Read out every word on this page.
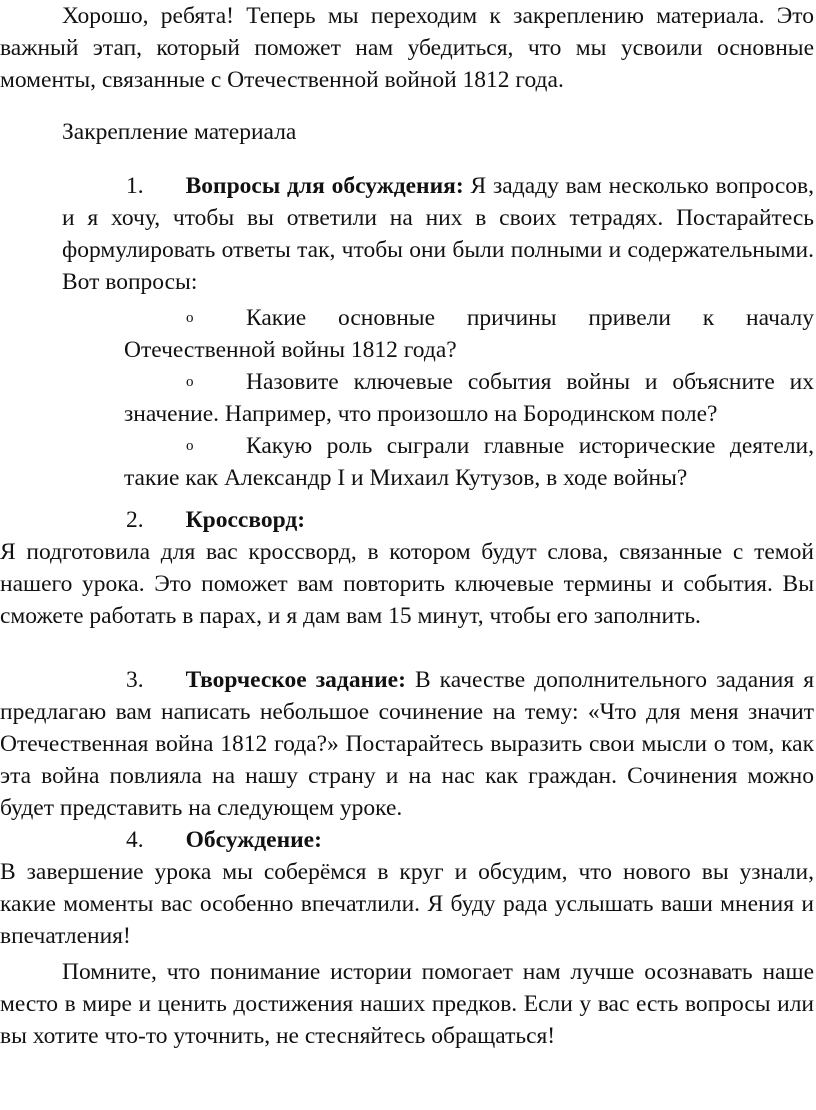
Хорошо, ребята! Теперь мы переходим к закреплению материала. Это важный этап, который поможет нам убедиться, что мы усвоили основные моменты, связанные с Отечественной войной 1812 года.

Закрепление материала

1. Вопросы для обсуждения: Я зададу вам несколько вопросов, и я хочу, чтобы вы ответили на них в своих тетрадях. Постарайтесь формулировать ответы так, чтобы они были полными и содержательными. Вот вопросы:

o	Какие основные причины привели к началу Отечественной войны 1812 года?

o	Назовите ключевые события войны и объясните их значение. Например, что произошло на Бородинском поле?

o	Какую роль сыграли главные исторические деятели, такие как Александр I и Михаил Кутузов, в ходе войны?

2. Кроссворд:

Я подготовила для вас кроссворд, в котором будут слова, связанные с темой нашего урока. Это поможет вам повторить ключевые термины и события. Вы сможете работать в парах, и я дам вам 15 минут, чтобы его заполнить.

3. Творческое задание: В качестве дополнительного задания я предлагаю вам написать небольшое сочинение на тему: «Что для меня значит Отечественная война 1812 года?» Постарайтесь выразить свои мысли о том, как эта война повлияла на нашу страну и на нас как граждан. Сочинения можно будет представить на следующем уроке.

4. Обсуждение:

В завершение урока мы соберёмся в круг и обсудим, что нового вы узнали, какие моменты вас особенно впечатлили. Я буду рада услышать ваши мнения и впечатления!

Помните, что понимание истории помогает нам лучше осознавать наше место в мире и ценить достижения наших предков. Если у вас есть вопросы или вы хотите что-то уточнить, не стесняйтесь обращаться!
